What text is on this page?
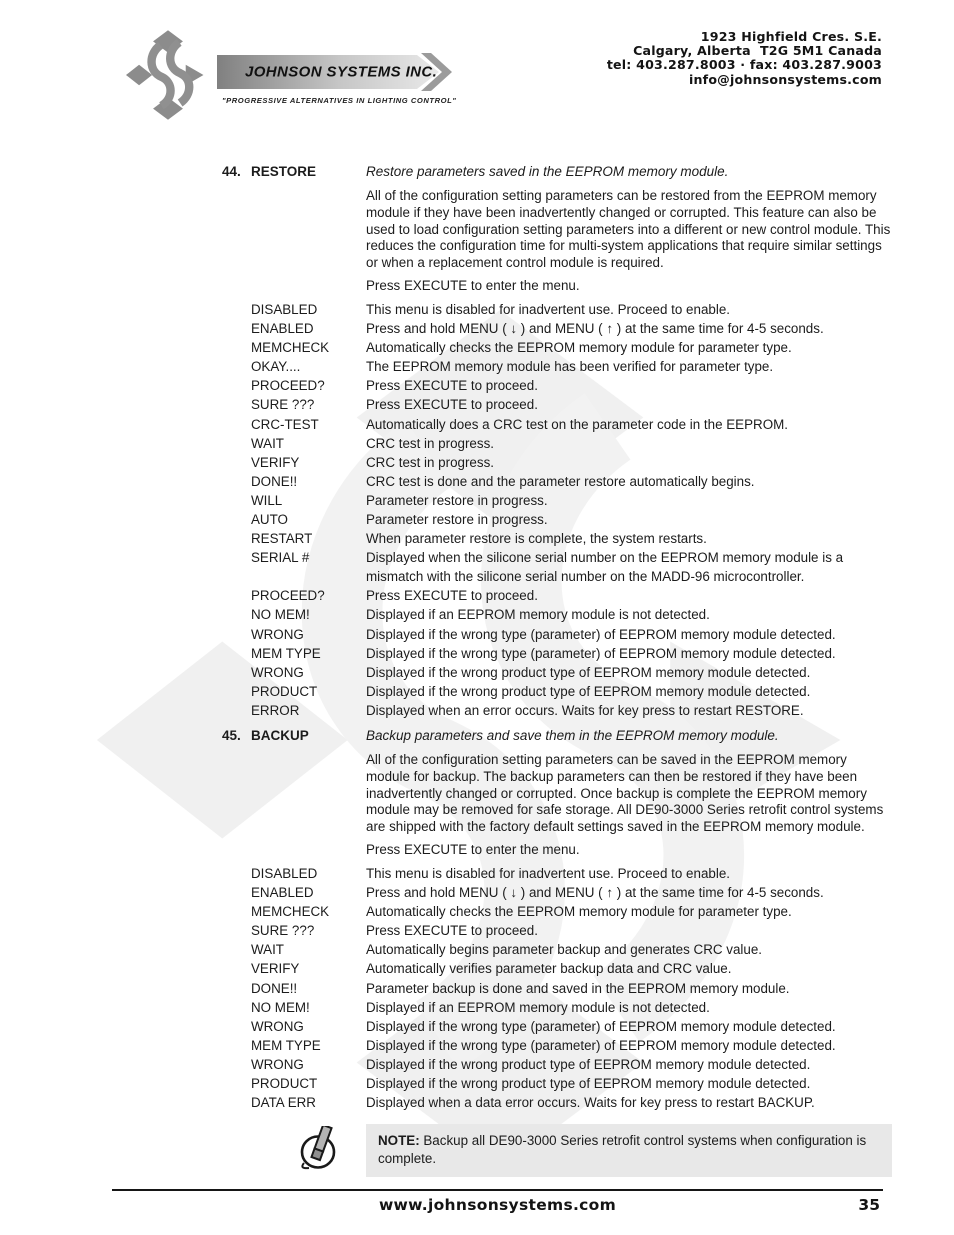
JOHNSON SYSTEMS INC.
"PROGRESSIVE ALTERNATIVES IN LIGHTING CONTROL"
1923 Highfield Cres. S.E.
Calgary, Alberta  T2G 5M1 Canada
tel: 403.287.8003 · fax: 403.287.9003
info@johnsonsystems.com
44. RESTORE	Restore parameters saved in the EEPROM memory module.

All of the configuration setting parameters can be restored from the EEPROM memory module if they have been inadvertently changed or corrupted. This feature can also be used to load configuration setting parameters into a different or new control module. This reduces the configuration time for multi-system applications that require similar settings or when a replacement control module is required.

Press EXECUTE to enter the menu.

DISABLED	This menu is disabled for inadvertent use. Proceed to enable.
ENABLED	Press and hold MENU ( ↓ ) and MENU ( ↑ ) at the same time for 4-5 seconds.
MEMCHECK	Automatically checks the EEPROM memory module for parameter type.
OKAY....	The EEPROM memory module has been verified for parameter type.
PROCEED?	Press EXECUTE to proceed.
SURE ???	Press EXECUTE to proceed.
CRC-TEST	Automatically does a CRC test on the parameter code in the EEPROM.
WAIT	CRC test in progress.
VERIFY	CRC test in progress.
DONE!!	CRC test is done and the parameter restore automatically begins.
WILL	Parameter restore in progress.
AUTO	Parameter restore in progress.
RESTART	When parameter restore is complete, the system restarts.
SERIAL #	Displayed when the silicone serial number on the EEPROM memory module is a mismatch with the silicone serial number on the MADD-96 microcontroller.
PROCEED?	Press EXECUTE to proceed.
NO MEM!	Displayed if an EEPROM memory module is not detected.
WRONG	Displayed if the wrong type (parameter) of EEPROM memory module detected.
MEM TYPE	Displayed if the wrong type (parameter) of EEPROM memory module detected.
WRONG	Displayed if the wrong product type of EEPROM memory module detected.
PRODUCT	Displayed if the wrong product type of EEPROM memory module detected.
ERROR	Displayed when an error occurs. Waits for key press to restart RESTORE.
45. BACKUP	Backup parameters and save them in the EEPROM memory module.

All of the configuration setting parameters can be saved in the EEPROM memory module for backup. The backup parameters can then be restored if they have been inadvertently changed or corrupted. Once backup is complete the EEPROM memory module may be removed for safe storage. All DE90-3000 Series retrofit control systems are shipped with the factory default settings saved in the EEPROM memory module.

Press EXECUTE to enter the menu.

DISABLED	This menu is disabled for inadvertent use. Proceed to enable.
ENABLED	Press and hold MENU ( ↓ ) and MENU ( ↑ ) at the same time for 4-5 seconds.
MEMCHECK	Automatically checks the EEPROM memory module for parameter type.
SURE ???	Press EXECUTE to proceed.
WAIT	Automatically begins parameter backup and generates CRC value.
VERIFY	Automatically verifies parameter backup data and CRC value.
DONE!!	Parameter backup is done and saved in the EEPROM memory module.
NO MEM!	Displayed if an EEPROM memory module is not detected.
WRONG	Displayed if the wrong type (parameter) of EEPROM memory module detected.
MEM TYPE	Displayed if the wrong type (parameter) of EEPROM memory module detected.
WRONG	Displayed if the wrong product type of EEPROM memory module detected.
PRODUCT	Displayed if the wrong product type of EEPROM memory module detected.
DATA ERR	Displayed when a data error occurs. Waits for key press to restart BACKUP.
NOTE: Backup all DE90-3000 Series retrofit control systems when configuration is complete.
www.johnsonsystems.com	35
